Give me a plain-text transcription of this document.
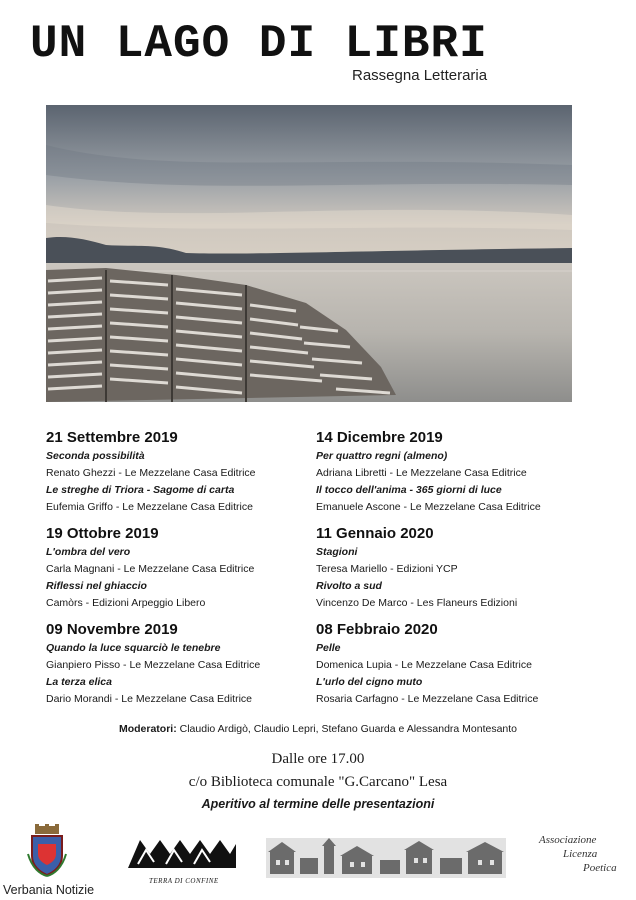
UN LAGO DI LIBRI
Rassegna Letteraria
21 Settembre 2019
Seconda possibilità
Renato Ghezzi - Le Mezzelane Casa Editrice
Le streghe di Triora - Sagome di carta
Eufemia Griffo - Le Mezzelane Casa Editrice
19 Ottobre 2019
L'ombra del vero
Carla Magnani - Le Mezzelane Casa Editrice
Riflessi nel ghiaccio
Camòrs - Edizioni Arpeggio Libero
09 Novembre 2019
Quando la luce squarciò le tenebre
Gianpiero Pisso - Le Mezzelane Casa Editrice
La terza elica
Dario Morandi - Le Mezzelane Casa Editrice
14 Dicembre 2019
Per quattro regni (almeno)
Adriana Libretti - Le Mezzelane Casa Editrice
Il tocco dell'anima - 365 giorni di luce
Emanuele Ascone - Le Mezzelane Casa Editrice
11 Gennaio 2020
Stagioni
Teresa Mariello - Edizioni YCP
Rivolto a sud
Vincenzo De Marco - Les Flaneurs Edizioni
08 Febbraio 2020
Pelle
Domenica Lupia - Le Mezzelane Casa Editrice
L'urlo del cigno muto
Rosaria Carfagno - Le Mezzelane Casa Editrice
Moderatori: Claudio Ardigò, Claudio Lepri, Stefano Guarda e Alessandra Montesanto
Dalle ore 17.00
c/o Biblioteca comunale "G.Carcano" Lesa
Aperitivo al termine delle presentazioni
TERRA DI CONFINE
Associazione
Licenza
Poetica
Verbania Notizie
